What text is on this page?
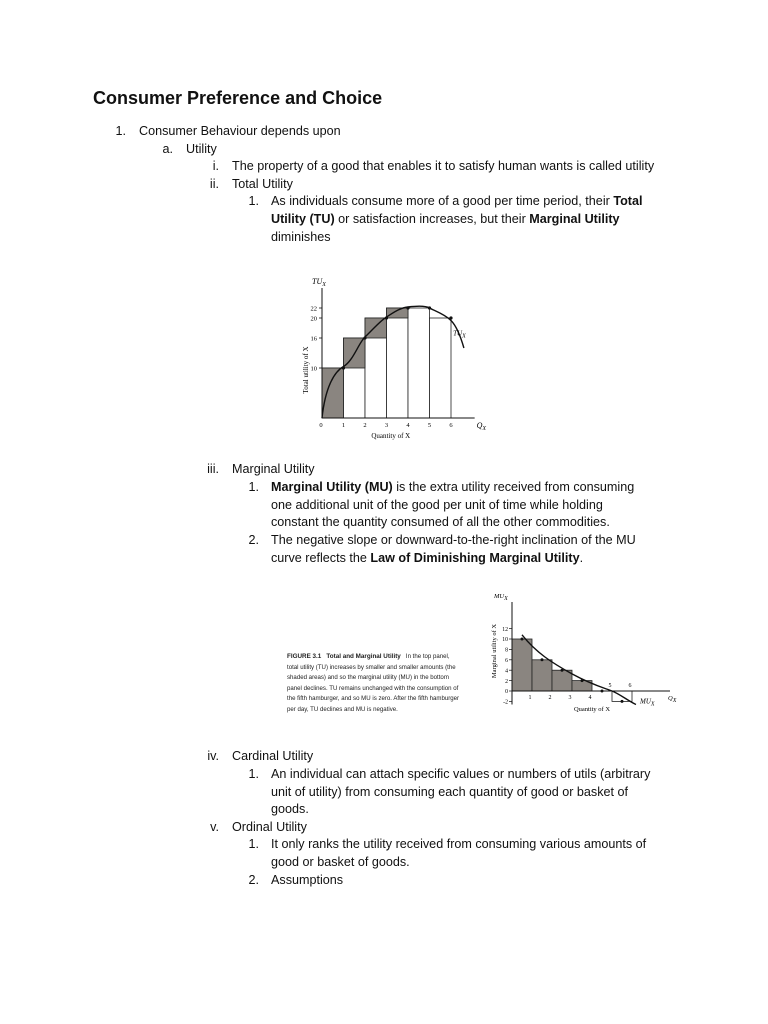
Consumer Preference and Choice
1. Consumer Behaviour depends upon
a. Utility
i. The property of a good that enables it to satisfy human wants is called utility
ii. Total Utility
1. As individuals consume more of a good per time period, their Total
Utility (TU) or satisfaction increases, but their Marginal Utility
diminishes
10
16
20
22
0	1	2	3	4	5	6
$TU_X$
$Q_X$
TUX
Quantity of X
Total utility of X
iii. Marginal Utility
1. Marginal Utility (MU) is the extra utility received from consuming
one additional unit of the good per unit of time while holding
constant the quantity consumed of all the other commodities.
2. The negative slope or downward-to-the-right inclination of the MU
curve reflects the Law of Diminishing Marginal Utility.
FIGURE 3.1 Total and Marginal Utility In the top panel,
total utility (TU) increases by smaller and smaller amounts (the
shaded areas) and so the marginal utility (MU) in the bottom
panel declines. TU remains unchanged with the consumption of
the fifth hamburger, and so MU is zero. After the fifth hamburger
per day, TU declines and MU is negative.
12
10
8
6
4
2
0
-2
1	2	3	4
5	6
MUX
QX
MUX
Quantity of X
Marginal utility of X
iv. Cardinal Utility
1. An individual can attach specific values or numbers of utils (arbitrary
unit of utility) from consuming each quantity of good or basket of
goods.
v. Ordinal Utility
1. It only ranks the utility received from consuming various amounts of
good or basket of goods.
2. Assumptions
